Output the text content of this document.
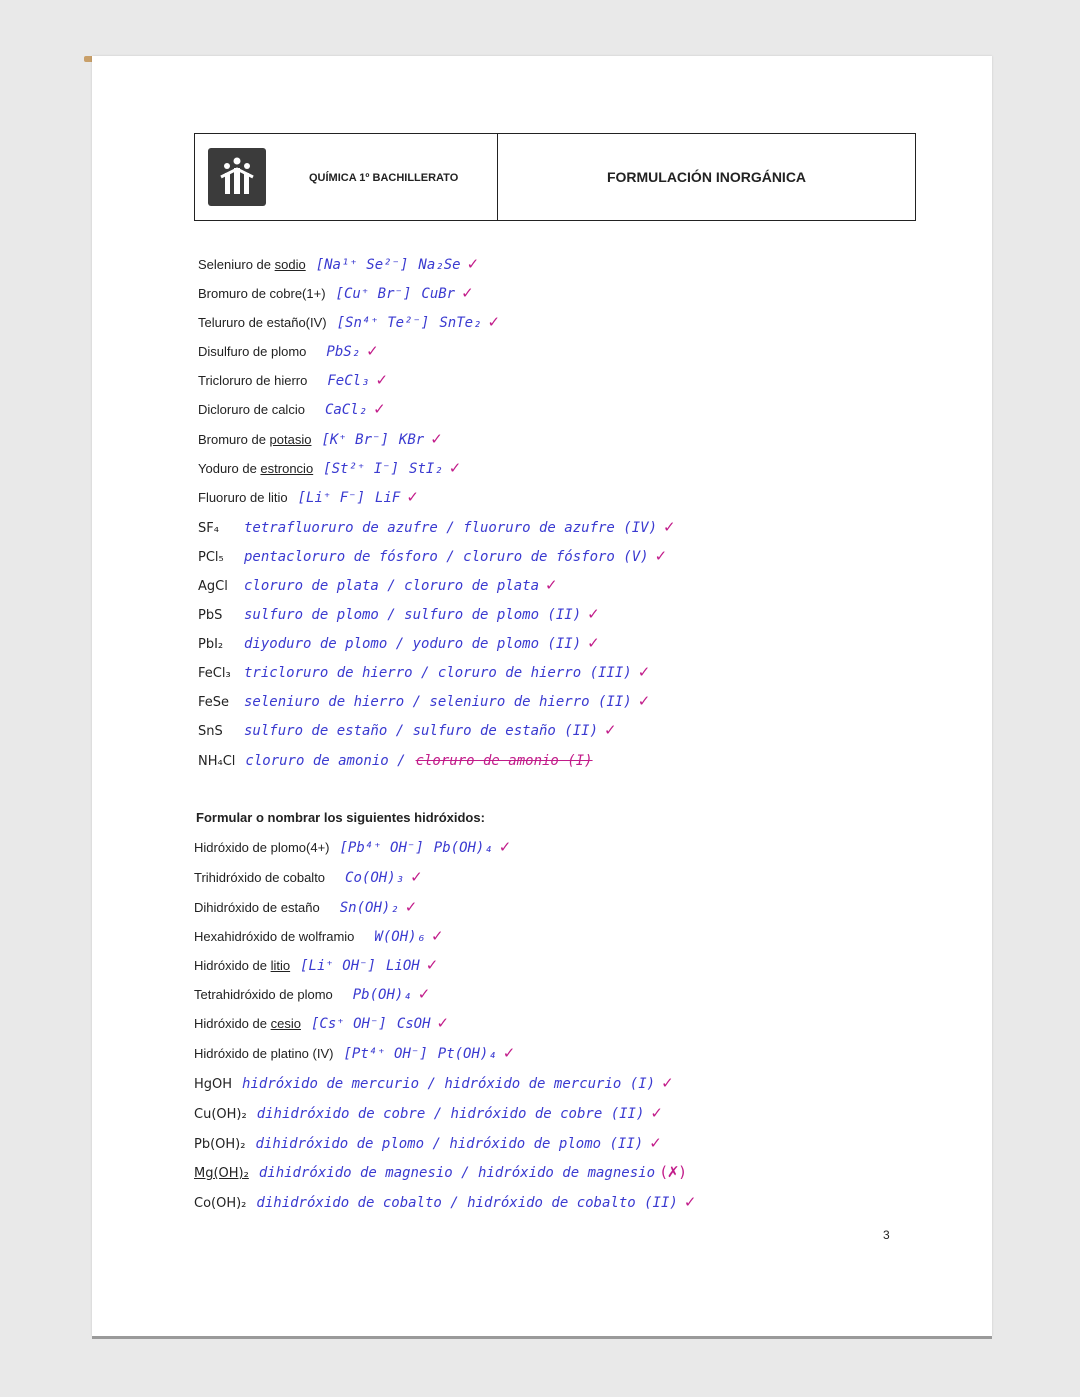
QUÍMICA 1º BACHILLERATO	FORMULACIÓN INORGÁNICA
Seleniuro de sodio [Na¹⁺ Se²⁻] Na₂Se ✓
Bromuro de cobre(1+) [Cu⁺ Br⁻] CuBr ✓
Telururo de estaño(IV) [Sn⁴⁺ Te²⁻] SnTe₂ ✓
Disulfuro de plomo PbS₂ ✓
Tricloruro de hierro FeCl₃ ✓
Dicloruro de calcio CaCl₂ ✓
Bromuro de potasio [K⁺ Br⁻] KBr ✓
Yoduro de estroncio [St²⁺ I⁻] StI₂ ✓
Fluoruro de litio [Li⁺ F⁻] LiF ✓
SF₄ tetrafluoruro de azufre / fluoruro de azufre (IV) ✓
PCl₅ pentacloruro de fósforo / cloruro de fósforo (V) ✓
AgCl cloruro de plata / cloruro de plata ✓
PbS sulfuro de plomo / sulfuro de plomo (II) ✓
PbI₂ diyoduro de plomo / yoduro de plomo (II) ✓
FeCl₃ tricloruro de hierro / cloruro de hierro (III) ✓
FeSe seleniuro de hierro / seleniuro de hierro (II) ✓
SnS sulfuro de estaño / sulfuro de estaño (II) ✓
NH₄Cl cloruro de amonio / cloruro de amonio (I)
Formular o nombrar los siguientes hidróxidos:
Hidróxido de plomo(4+) [Pb⁴⁺ OH⁻] Pb(OH)₄ ✓
Trihidróxido de cobalto Co(OH)₃ ✓
Dihidróxido de estaño Sn(OH)₂ ✓
Hexahidróxido de wolframio W(OH)₆ ✓
Hidróxido de litio [Li⁺ OH⁻] LiOH ✓
Tetrahidróxido de plomo Pb(OH)₄ ✓
Hidróxido de cesio [Cs⁺ OH⁻] CsOH ✓
Hidróxido de platino (IV) [Pt⁴⁺ OH⁻] Pt(OH)₄ ✓
HgOH hidróxido de mercurio / hidróxido de mercurio (I) ✓
Cu(OH)₂ dihidróxido de cobre / hidróxido de cobre (II) ✓
Pb(OH)₂ dihidróxido de plomo / hidróxido de plomo (II) ✓
Mg(OH)₂ dihidróxido de magnesio / hidróxido de magnesio (✗)
Co(OH)₂ dihidróxido de cobalto / hidróxido de cobalto (II) ✓
3
